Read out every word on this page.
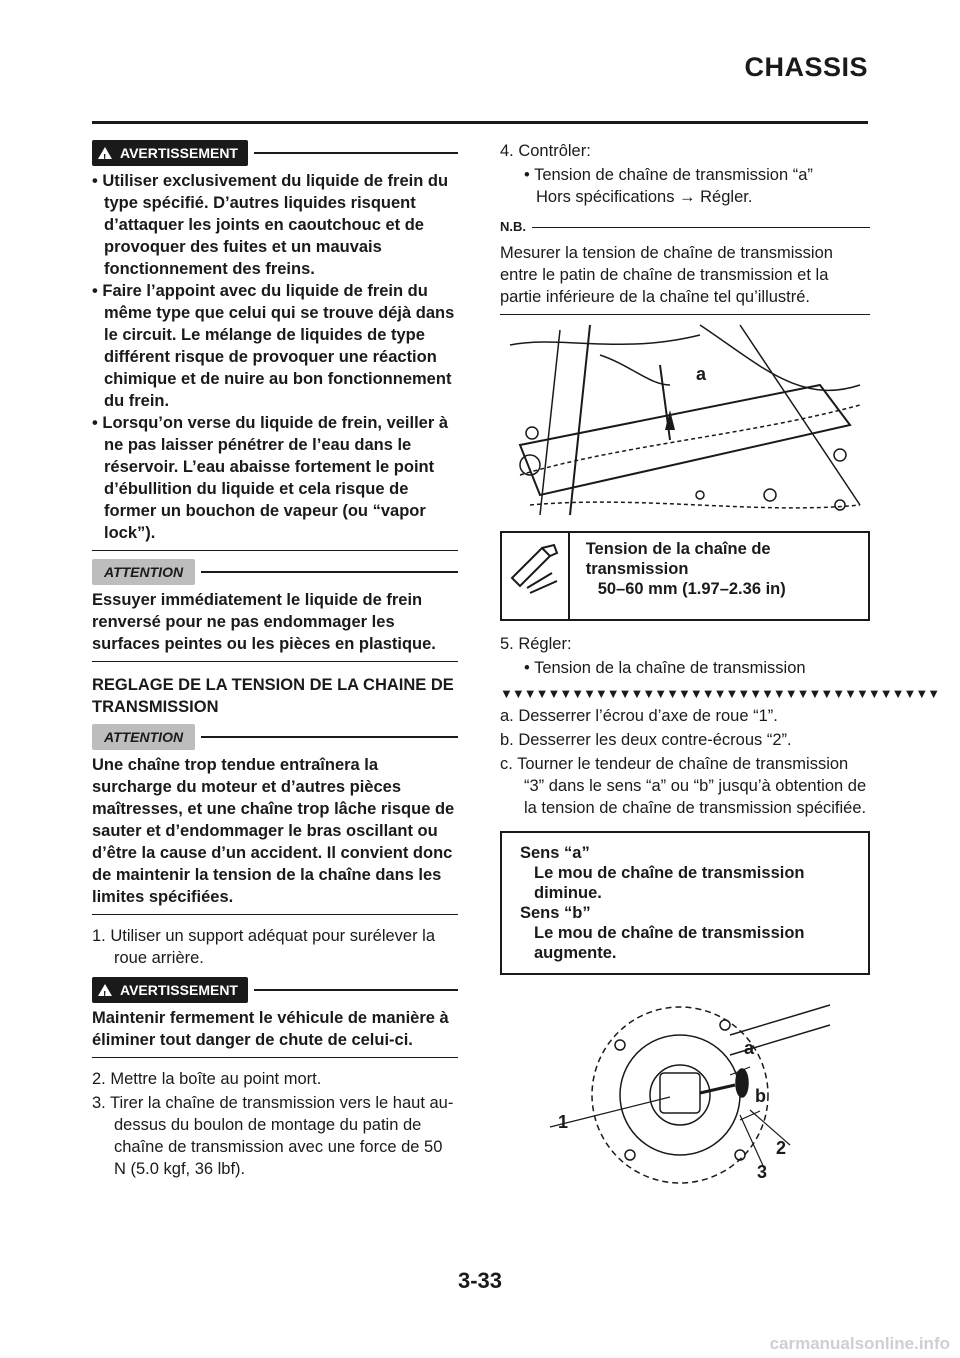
CHASSIS
!
AVERTISSEMENT
• Utiliser exclusivement du liquide de frein du type spécifié. D’autres liquides risquent d’attaquer les joints en caoutchouc et de provoquer des fuites et un mauvais fonctionnement des freins.
• Faire l’appoint avec du liquide de frein du même type que celui qui se trouve déjà dans le circuit. Le mélange de liquides de type différent risque de provoquer une réaction chimique et de nuire au bon fonctionnement du frein.
• Lorsqu’on verse du liquide de frein, veiller à ne pas laisser pénétrer de l’eau dans le réservoir. L’eau abaisse fortement le point d’ébullition du liquide et cela risque de former un bouchon de vapeur (ou “vapor lock”).
ATTENTION
Essuyer immédiatement le liquide de frein renversé pour ne pas endommager les surfaces peintes ou les pièces en plastique.
REGLAGE DE LA TENSION DE LA CHAINE DE TRANSMISSION
ATTENTION
Une chaîne trop tendue entraînera la surcharge du moteur et d’autres pièces maîtresses, et une chaîne trop lâche risque de sauter et d’endommager le bras oscillant ou d’être la cause d’un accident. Il convient donc de maintenir la tension de la chaîne dans les limites spécifiées.
1. Utiliser un support adéquat pour surélever la roue arrière.
!
AVERTISSEMENT
Maintenir fermement le véhicule de manière à éliminer tout danger de chute de celui-ci.
2. Mettre la boîte au point mort.
3. Tirer la chaîne de transmission vers le haut au-dessus du boulon de montage du patin de chaîne de transmission avec une force de 50 N (5.0 kgf, 36 lbf).
4. Contrôler:
• Tension de chaîne de transmission “a”
Hors spécifications → Régler.
N.B.
Mesurer la tension de chaîne de transmission entre le patin de chaîne de transmission et la partie inférieure de la chaîne tel qu’illustré.
a
Tension de la chaîne de transmission
50–60 mm (1.97–2.36 in)
5. Régler:
• Tension de la chaîne de transmission
▼▼▼▼▼▼▼▼▼▼▼▼▼▼▼▼▼▼▼▼▼▼▼▼▼▼▼▼▼▼▼▼▼▼▼▼▼
a. Desserrer l’écrou d’axe de roue “1”.
b. Desserrer les deux contre-écrous “2”.
c. Tourner le tendeur de chaîne de transmission “3” dans le sens “a” ou “b” jusqu’à obtention de la tension de chaîne de transmission spécifiée.
Sens “a”
Le mou de chaîne de transmission diminue.
Sens “b”
Le mou de chaîne de transmission augmente.
a
b
1
2
3
3-33
carmanualsonline.info
